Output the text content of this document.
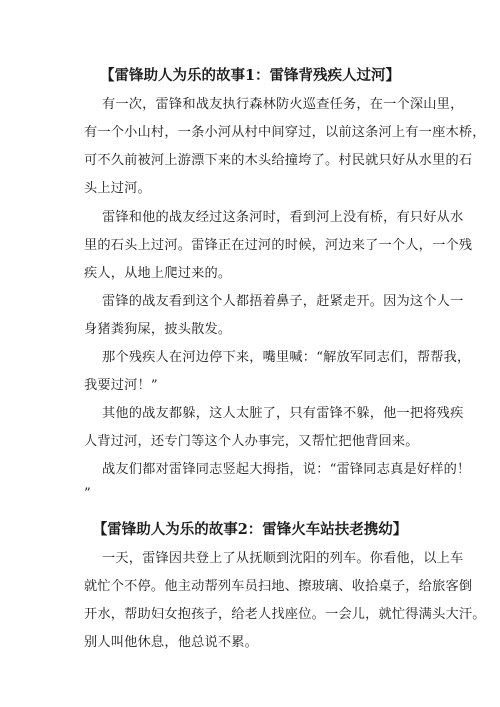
【雷锋助人为乐的故事1：雷锋背残疾人过河】
有一次，雷锋和战友执行森林防火巡查任务，在一个深山里，
有一个小山村，一条小河从村中间穿过，以前这条河上有一座木桥，
可不久前被河上游漂下来的木头给撞垮了。村民就只好从水里的石
头上过河。
雷锋和他的战友经过这条河时，看到河上没有桥，有只好从水
里的石头上过河。雷锋正在过河的时候，河边来了一个人，一个残
疾人，从地上爬过来的。
雷锋的战友看到这个人都捂着鼻子，赶紧走开。因为这个人一
身猪粪狗屎，披头散发。
那个残疾人在河边停下来，嘴里喊：“解放军同志们，帮帮我，
我要过河！”
其他的战友都躲，这人太脏了，只有雷锋不躲，他一把将残疾
人背过河，还专门等这个人办事完，又帮忙把他背回来。
战友们都对雷锋同志竖起大拇指，说：“雷锋同志真是好样的！
”
【雷锋助人为乐的故事2：雷锋火车站扶老携幼】
一天，雷锋因共登上了从抚顺到沈阳的列车。你看他，以上车
就忙个不停。他主动帮列车员扫地、擦玻璃、收拾桌子，给旅客倒
开水，帮助妇女抱孩子，给老人找座位。一会儿，就忙得满头大汗。
别人叫他休息，他总说不累。
